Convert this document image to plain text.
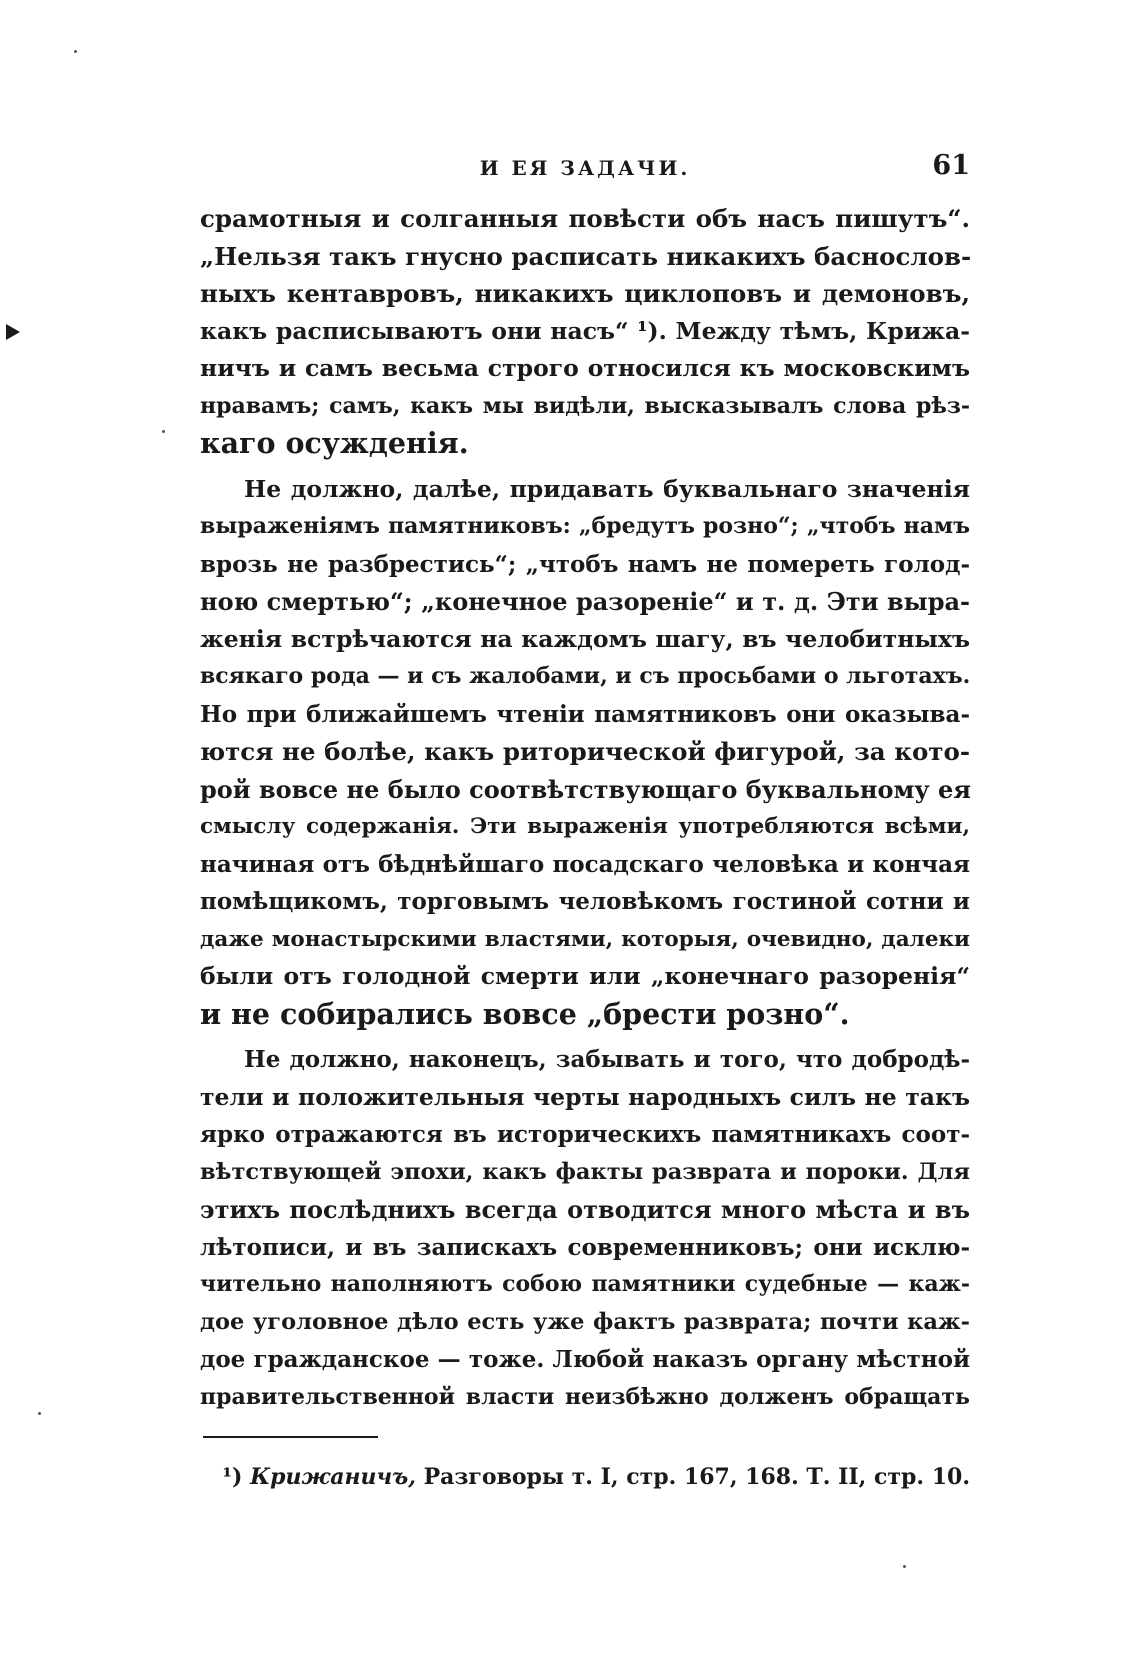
И ЕЯ ЗАДАЧИ.	61
срамотныя и солганныя повѣсти объ насъ пишутъ“.
„Нельзя такъ гнусно расписать никакихъ баснослов-
ныхъ кентавровъ, никакихъ циклоповъ и демоновъ,
какъ расписываютъ они насъ“ ¹). Между тѣмъ, Крижа-
ничъ и самъ весьма строго относился къ московскимъ
нравамъ; самъ, какъ мы видѣли, высказывалъ слова рѣз-
каго осужденія.
Не должно, далѣе, придавать буквальнаго значенія
выраженіямъ памятниковъ: „бредутъ розно“; „чтобъ намъ
врозь не разбрестись“; „чтобъ намъ не помереть голод-
ною смертью“; „конечное разореніе“ и т. д. Эти выра-
женія встрѣчаются на каждомъ шагу, въ челобитныхъ
всякаго рода — и съ жалобами, и съ просьбами о льготахъ.
Но при ближайшемъ чтеніи памятниковъ они оказыва-
ются не болѣе, какъ риторической фигурой, за кото-
рой вовсе не было соотвѣтствующаго буквальному ея
смыслу содержанія. Эти выраженія употребляются всѣми,
начиная отъ бѣднѣйшаго посадскаго человѣка и кончая
помѣщикомъ, торговымъ человѣкомъ гостиной сотни и
даже монастырскими властями, которыя, очевидно, далеки
были отъ голодной смерти или „конечнаго разоренія“
и не собирались вовсе „брести розно“.
Не должно, наконецъ, забывать и того, что добродѣ-
тели и положительныя черты народныхъ силъ не такъ
ярко отражаются въ историческихъ памятникахъ соот-
вѣтствующей эпохи, какъ факты разврата и пороки. Для
этихъ послѣднихъ всегда отводится много мѣста и въ
лѣтописи, и въ запискахъ современниковъ; они исклю-
чительно наполняютъ собою памятники судебные — каж-
дое уголовное дѣло есть уже фактъ разврата; почти каж-
дое гражданское — тоже. Любой наказъ органу мѣстной
правительственной власти неизбѣжно долженъ обращать
¹) Крижаничъ, Разговоры т. I, стр. 167, 168. Т. II, стр. 10.
